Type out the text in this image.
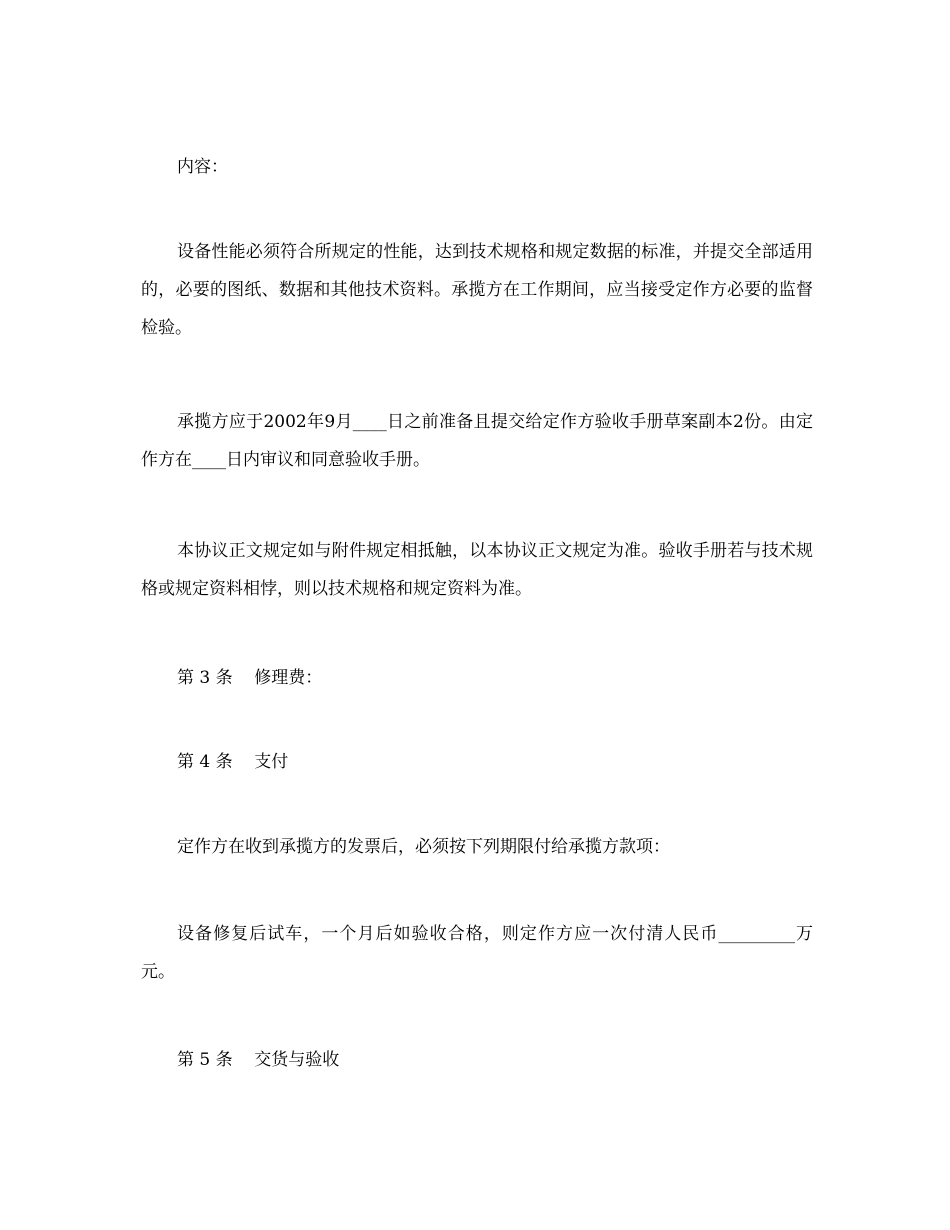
内容：

设备性能必须符合所规定的性能，达到技术规格和规定数据的标准，并提交全部适用的，必要的图纸、数据和其他技术资料。承揽方在工作期间，应当接受定作方必要的监督检验。

承揽方应于2002年9月____日之前准备且提交给定作方验收手册草案副本2份。由定作方在____日内审议和同意验收手册。

本协议正文规定如与附件规定相抵触，以本协议正文规定为准。验收手册若与技术规格或规定资料相悖，则以技术规格和规定资料为准。

第 3 条    修理费：

第 4 条    支付

定作方在收到承揽方的发票后，必须按下列期限付给承揽方款项：

设备修复后试车，一个月后如验收合格，则定作方应一次付清人民币_________万元。

第 5 条    交货与验收
